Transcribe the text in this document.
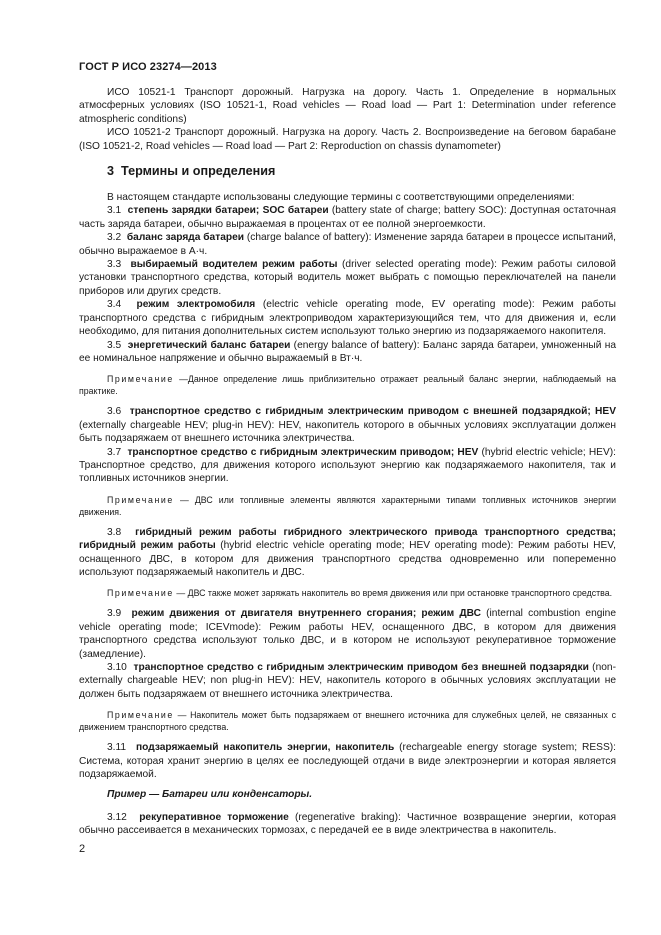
ГОСТ Р ИСО 23274—2013

ИСО 10521-1 Транспорт дорожный. Нагрузка на дорогу. Часть 1. Определение в нормальных атмосферных условиях (ISO 10521-1, Road vehicles — Road load — Part 1: Determination under reference atmospheric conditions)

ИСО 10521-2 Транспорт дорожный. Нагрузка на дорогу. Часть 2. Воспроизведение на беговом барабане (ISO 10521-2, Road vehicles — Road load — Part 2: Reproduction on chassis dynamometer)

3 Термины и определения

В настоящем стандарте использованы следующие термины с соответствующими определениями:

3.1 степень зарядки батареи; SOC батареи (battery state of charge; battery SOC): Доступная остаточная часть заряда батареи, обычно выражаемая в процентах от ее полной энергоемкости.

3.2 баланс заряда батареи (charge balance of battery): Изменение заряда батареи в процессе испытаний, обычно выражаемое в А·ч.

3.3 выбираемый водителем режим работы (driver selected operating mode): Режим работы силовой установки транспортного средства, который водитель может выбрать с помощью переключателей на панели приборов или других средств.

3.4 режим электромобиля (electric vehicle operating mode, EV operating mode): Режим работы транспортного средства с гибридным электроприводом характеризующийся тем, что для движения и, если необходимо, для питания дополнительных систем используют только энергию из подзаряжаемого накопителя.

3.5 энергетический баланс батареи (energy balance of battery): Баланс заряда батареи, умноженный на ее номинальное напряжение и обычно выражаемый в Вт·ч.

Примечание —Данное определение лишь приблизительно отражает реальный баланс энергии, наблюдаемый на практике.

3.6 транспортное средство с гибридным электрическим приводом с внешней подзарядкой; HEV (externally chargeable HEV; plug-in HEV): HEV, накопитель которого в обычных условиях эксплуатации должен быть подзаряжаем от внешнего источника электричества.

3.7 транспортное средство с гибридным электрическим приводом; HEV (hybrid electric vehicle; HEV): Транспортное средство, для движения которого используют энергию как подзаряжаемого накопителя, так и топливных источников энергии.

Примечание — ДВС или топливные элементы являются характерными типами топливных источников энергии движения.

3.8 гибридный режим работы гибридного электрического привода транспортного средства; гибридный режим работы (hybrid electric vehicle operating mode; HEV operating mode): Режим работы HEV, оснащенного ДВС, в котором для движения транспортного средства одновременно или попеременно используют подзаряжаемый накопитель и ДВС.

Примечание — ДВС также может заряжать накопитель во время движения или при остановке транспортного средства.

3.9 режим движения от двигателя внутреннего сгорания; режим ДВС (internal combustion engine vehicle operating mode; ICEVmode): Режим работы HEV, оснащенного ДВС, в котором для движения транспортного средства используют только ДВС, и в котором не используют рекуперативное торможение (замедление).

3.10 транспортное средство с гибридным электрическим приводом без внешней подзарядки (non-externally chargeable HEV; non plug-in HEV): HEV, накопитель которого в обычных условиях эксплуатации не должен быть подзаряжаем от внешнего источника электричества.

Примечание — Накопитель может быть подзаряжаем от внешнего источника для служебных целей, не связанных с движением транспортного средства.

3.11 подзаряжаемый накопитель энергии, накопитель (rechargeable energy storage system; RESS): Система, которая хранит энергию в целях ее последующей отдачи в виде электроэнергии и которая является подзаряжаемой.

Пример — Батареи или конденсаторы.

3.12 рекуперативное торможение (regenerative braking): Частичное возвращение энергии, которая обычно рассеивается в механических тормозах, с передачей ее в виде электричества в накопитель.

2
